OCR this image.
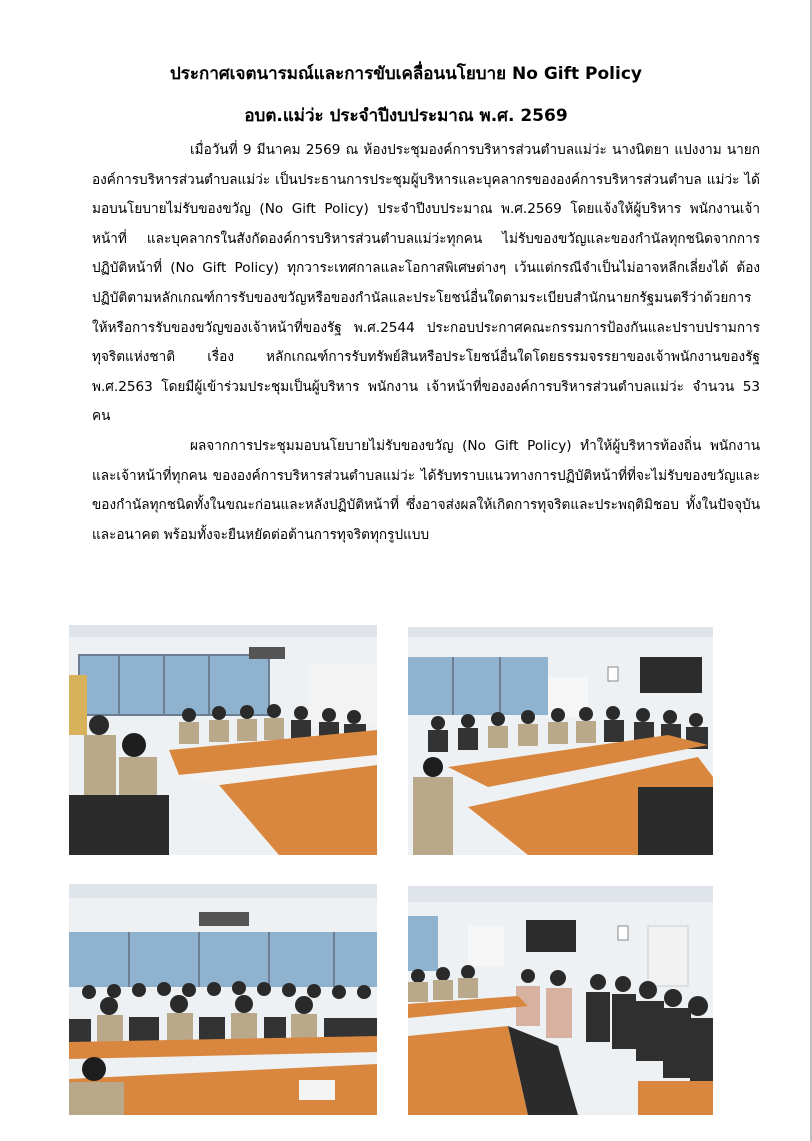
ประกาศเจตนารมณ์และการขับเคลื่อนนโยบาย No Gift Policy
อบต.แม่ว่ะ ประจำปีงบประมาณ พ.ศ. 2569

เมื่อวันที่ 9 มีนาคม 2569 ณ ห้องประชุมองค์การบริหารส่วนตำบลแม่ว่ะ นางนิตยา แปงงาม นายกองค์การบริหารส่วนตำบลแม่ว่ะ เป็นประธานการประชุมผู้บริหารและบุคลากรขององค์การบริหารส่วนตำบล แม่ว่ะ ได้มอบนโยบายไม่รับของขวัญ (No Gift Policy) ประจำปีงบประมาณ พ.ศ.2569 โดยแจ้งให้ผู้บริหาร พนักงานเจ้าหน้าที่ และบุคลากรในสังกัดองค์การบริหารส่วนตำบลแม่ว่ะทุกคน ไม่รับของขวัญและของกำนัลทุกชนิดจากการปฏิบัติหน้าที่ (No Gift Policy) ทุกวาระเทศกาลและโอกาสพิเศษต่างๆ เว้นแต่กรณีจำเป็นไม่อาจหลีกเลี่ยงได้ ต้องปฏิบัติตามหลักเกณฑ์การรับของขวัญหรือของกำนัลและประโยชน์อื่นใดตามระเบียบสำนักนายกรัฐมนตรีว่าด้วยการให้หรือการรับของขวัญของเจ้าหน้าที่ของรัฐ พ.ศ.2544 ประกอบประกาศคณะกรรมการป้องกันและปราบปรามการทุจริตแห่งชาติ เรื่อง หลักเกณฑ์การรับทรัพย์สินหรือประโยชน์อื่นใดโดยธรรมจรรยาของเจ้าพนักงานของรัฐ พ.ศ.2563 โดยมีผู้เข้าร่วมประชุมเป็นผู้บริหาร พนักงาน เจ้าหน้าที่ขององค์การบริหารส่วนตำบลแม่ว่ะ จำนวน 53 คน

ผลจากการประชุมมอบนโยบายไม่รับของขวัญ (No Gift Policy) ทำให้ผู้บริหารท้องถิ่น พนักงาน และเจ้าหน้าที่ทุกคน ขององค์การบริหารส่วนตำบลแม่ว่ะ ได้รับทราบแนวทางการปฏิบัติหน้าที่ที่จะไม่รับของขวัญและของกำนัลทุกชนิดทั้งในขณะก่อนและหลังปฏิบัติหน้าที่ ซึ่งอาจส่งผลให้เกิดการทุจริตและประพฤติมิชอบ ทั้งในปัจจุบันและอนาคต พร้อมทั้งจะยืนหยัดต่อต้านการทุจริตทุกรูปแบบ
